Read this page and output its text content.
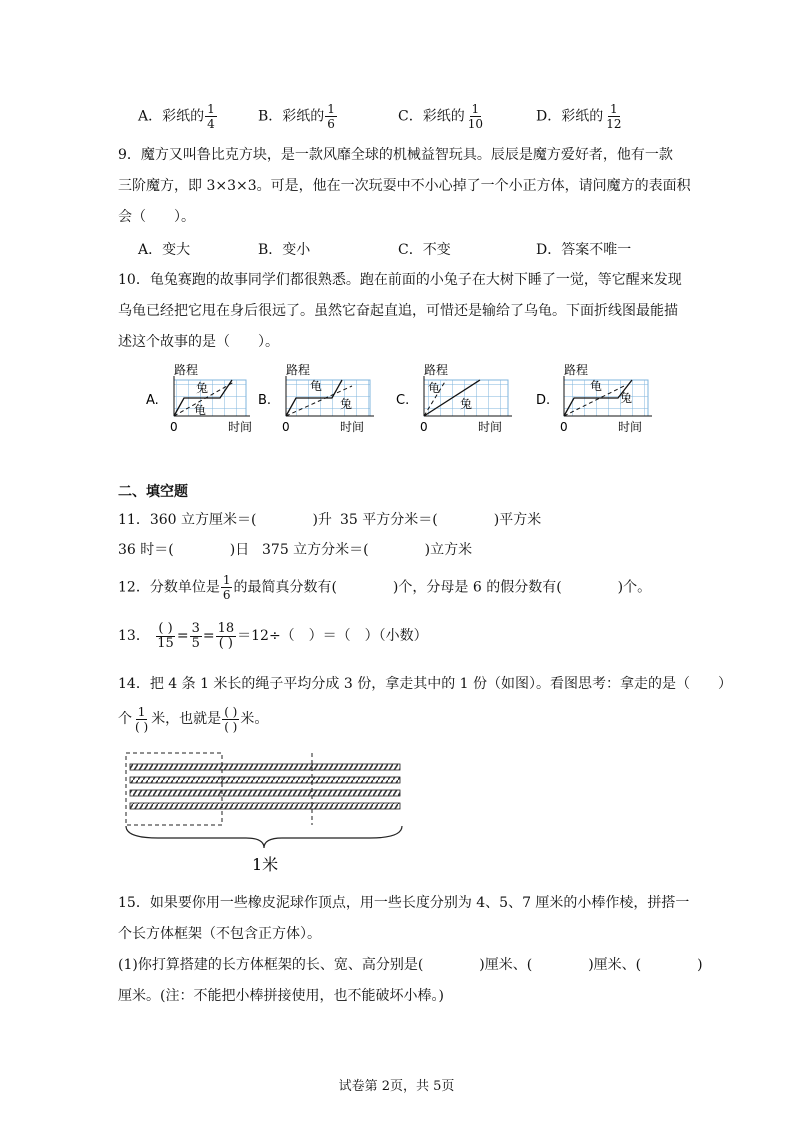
A．彩纸的 $\frac{1}{4}$	B．彩纸的 $\frac{1}{6}$	C．彩纸的 $\frac{1}{10}$	D．彩纸的 $\frac{1}{12}$
9．魔方又叫鲁比克方块，是一款风靡全球的机械益智玩具。辰辰是魔方爱好者，他有一款
三阶魔方，即 3×3×3。可是，他在一次玩耍中不小心掉了一个小正方体，请问魔方的表面积
会（　　）。
A．变大	B．变小	C．不变	D．答案不唯一
10．龟兔赛跑的故事同学们都很熟悉。跑在前面的小兔子在大树下睡了一觉，等它醒来发现
乌龟已经把它甩在身后很远了。虽然它奋起直追，可惜还是输给了乌龟。下面折线图最能描
述这个故事的是（　　）。
A.
路程
0	时间
兔
龟
B.
路程
0	时间
龟
兔	C.
路程
0	时间
龟
兔	D.
路程
0	时间
龟
兔
二、填空题
11．360 立方厘米＝(　　　　)升 35 平方分米＝(　　　　)平方米
36 时＝(　　　　)日 375 立方分米＝(　　　　)立方米
12．分数单位是 $\frac{1}{6}$ 的最简真分数有(　　　　)个，分母是 6 的假分数有(　　　　)个。
13． $\frac{( )}{15} = \frac{3}{5} = \frac{18}{( )} =12\div$（　）＝（　）（小数）
14．把 4 条 1 米长的绳子平均分成 3 份，拿走其中的 1 份（如图）。看图思考：拿走的是（　　）
个 $\frac{1}{( )}$ 米，也就是 $\frac{( )}{( )}$ 米。
1米
15．如果要你用一些橡皮泥球作顶点，用一些长度分别为 4、5、7 厘米的小棒作棱，拼搭一
个长方体框架（不包含正方体）。
(1)你打算搭建的长方体框架的长、宽、高分别是(　　　　)厘米、(　　　　)厘米、(　　　　)
厘米。(注：不能把小棒拼接使用，也不能破坏小棒。)
试卷第 2页，共 5页
